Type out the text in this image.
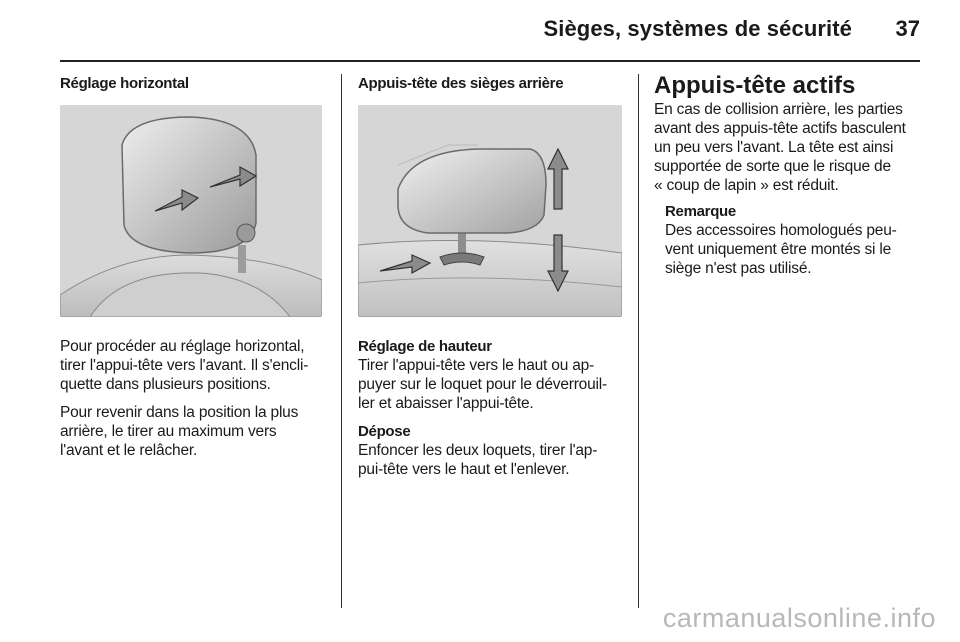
Sièges, systèmes de sécurité 37

Réglage horizontal

Pour procéder au réglage horizontal,

tirer l'appui-tête vers l'avant. Il s'encli-

quette dans plusieurs positions.

Pour revenir dans la position la plus

arrière, le tirer au maximum vers

l'avant et le relâcher.

Appuis-tête des sièges arrière

Réglage de hauteur

Tirer l'appui-tête vers le haut ou ap-

puyer sur le loquet pour le déverrouil-

ler et abaisser l'appui-tête.

Dépose

Enfoncer les deux loquets, tirer l'ap-

pui-tête vers le haut et l'enlever.

Appuis-tête actifs

En cas de collision arrière, les parties

avant des appuis-tête actifs basculent

un peu vers l'avant. La tête est ainsi

supportée de sorte que le risque de

« coup de lapin » est réduit.

Remarque

Des accessoires homologués peu-

vent uniquement être montés si le

siège n'est pas utilisé.

carmanualsonline.info
